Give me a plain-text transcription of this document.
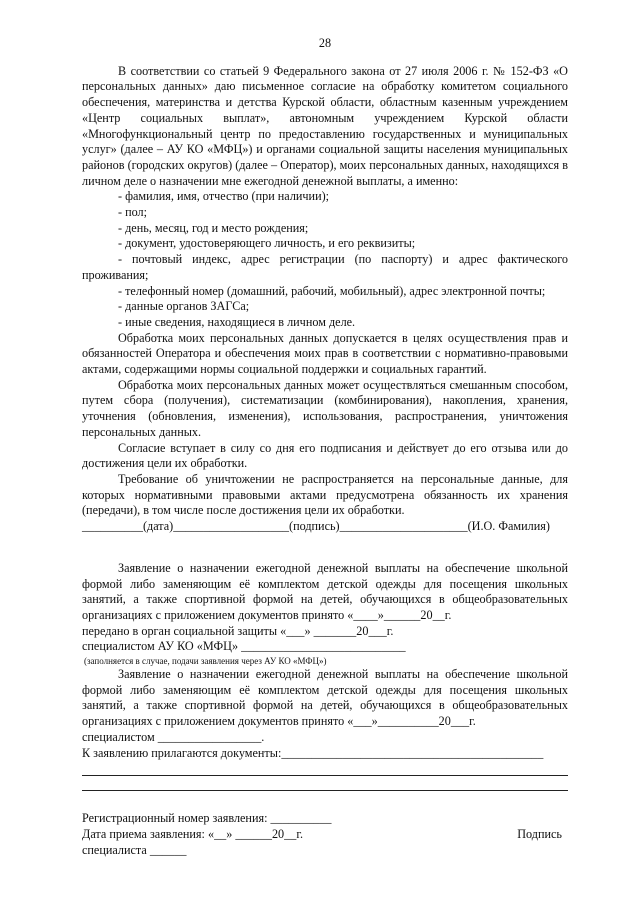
28

В соответствии со статьей 9 Федерального закона от 27 июля 2006 г. № 152-ФЗ «О персональных данных» даю письменное согласие на обработку комитетом социального обеспечения, материнства и детства Курской области, областным казенным учреждением «Центр социальных выплат», автономным учреждением Курской области «Многофункциональный центр по предоставлению государственных и муниципальных услуг» (далее – АУ КО «МФЦ») и органами социальной защиты населения муниципальных районов (городских округов) (далее – Оператор), моих персональных данных, находящихся в личном деле о назначении мне ежегодной денежной выплаты, а именно:

- фамилия, имя, отчество (при наличии);

- пол;

- день, месяц, год и место рождения;

- документ, удостоверяющего личность, и его реквизиты;

- почтовый индекс, адрес регистрации (по паспорту) и адрес фактического проживания;

- телефонный номер (домашний, рабочий, мобильный), адрес электронной почты;

- данные органов ЗАГСа;

- иные сведения, находящиеся в личном деле.

Обработка моих персональных данных допускается в целях осуществления прав и обязанностей Оператора и обеспечения моих прав в соответствии с нормативно-правовыми актами, содержащими нормы социальной поддержки и социальных гарантий.

Обработка моих персональных данных может осуществляться смешанным способом, путем сбора (получения), систематизации (комбинирования), накопления, хранения, уточнения (обновления, изменения), использования, распространения, уничтожения персональных данных.

Согласие вступает в силу со дня его подписания и действует до его отзыва или до достижения цели их обработки.

Требование об уничтожении не распространяется на персональные данные, для которых нормативными правовыми актами предусмотрена обязанность их хранения (передачи), в том числе после достижения цели их обработки.

__________(дата)___________________(подпись)_____________________(И.О. Фамилия)

Заявление о назначении ежегодной денежной выплаты на обеспечение школьной формой либо заменяющим её комплектом детской одежды для посещения школьных занятий, а также спортивной формой на детей, обучающихся в общеобразовательных организациях с приложением документов принято «____»______20__г.

передано в орган социальной защиты «___» _______20___г.

специалистом АУ КО «МФЦ» ___________________________

(заполняется в случае, подачи заявления через АУ КО «МФЦ»)

Заявление о назначении ежегодной денежной выплаты на обеспечение школьной формой либо заменяющим её комплектом детской одежды для посещения школьных занятий, а также спортивной формой на детей, обучающихся в общеобразовательных организациях с приложением документов принято «___»__________20___г.

специалистом _________________.

К заявлению прилагаются документы:___________________________________________

Регистрационный номер заявления: __________

Дата приема заявления: «__» ______20__г.	Подпись

специалиста ______
